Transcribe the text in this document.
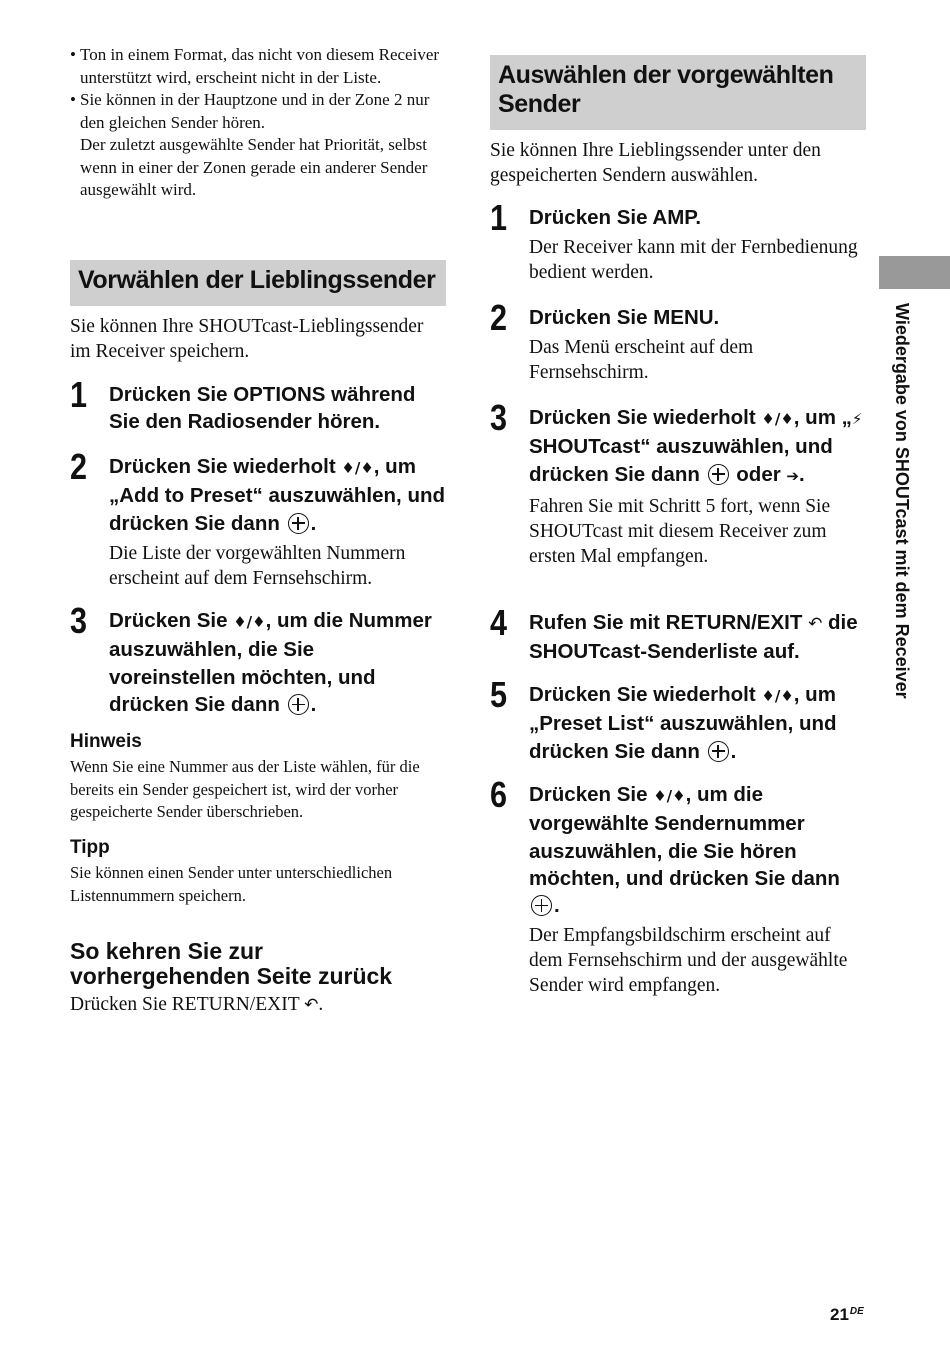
• Ton in einem Format, das nicht von diesem Receiver unterstützt wird, erscheint nicht in der Liste.
• Sie können in der Hauptzone und in der Zone 2 nur den gleichen Sender hören.
Der zuletzt ausgewählte Sender hat Priorität, selbst wenn in einer der Zonen gerade ein anderer Sender ausgewählt wird.
Vorwählen der Lieblingssender
Sie können Ihre SHOUTcast-Lieblingssender im Receiver speichern.
1 Drücken Sie OPTIONS während Sie den Radiosender hören.
2 Drücken Sie wiederholt ♦/♦, um „Add to Preset“ auszuwählen, und drücken Sie dann .
Die Liste der vorgewählten Nummern erscheint auf dem Fernsehschirm.
3 Drücken Sie ♦/♦, um die Nummer auszuwählen, die Sie voreinstellen möchten, und drücken Sie dann .
Hinweis
Wenn Sie eine Nummer aus der Liste wählen, für die bereits ein Sender gespeichert ist, wird der vorher gespeicherte Sender überschrieben.
Tipp
Sie können einen Sender unter unterschiedlichen Listennummern speichern.
So kehren Sie zur vorhergehenden Seite zurück
Drücken Sie RETURN/EXIT ↶.
Auswählen der vorgewählten Sender
Sie können Ihre Lieblingssender unter den gespeicherten Sendern auswählen.
1 Drücken Sie AMP.
Der Receiver kann mit der Fernbedienung bedient werden.
2 Drücken Sie MENU.
Das Menü erscheint auf dem Fernsehschirm.
3 Drücken Sie wiederholt ♦/♦, um „⚡ SHOUTcast“ auszuwählen, und drücken Sie dann  oder ➔.
Fahren Sie mit Schritt 5 fort, wenn Sie SHOUTcast mit diesem Receiver zum ersten Mal empfangen.
4 Rufen Sie mit RETURN/EXIT ↶ die SHOUTcast-Senderliste auf.
5 Drücken Sie wiederholt ♦/♦, um „Preset List“ auszuwählen, und drücken Sie dann .
6 Drücken Sie ♦/♦, um die vorgewählte Sendernummer auszuwählen, die Sie hören möchten, und drücken Sie dann .
Der Empfangsbildschirm erscheint auf dem Fernsehschirm und der ausgewählte Sender wird empfangen.
Wiedergabe von SHOUTcast mit dem Receiver
21DE
